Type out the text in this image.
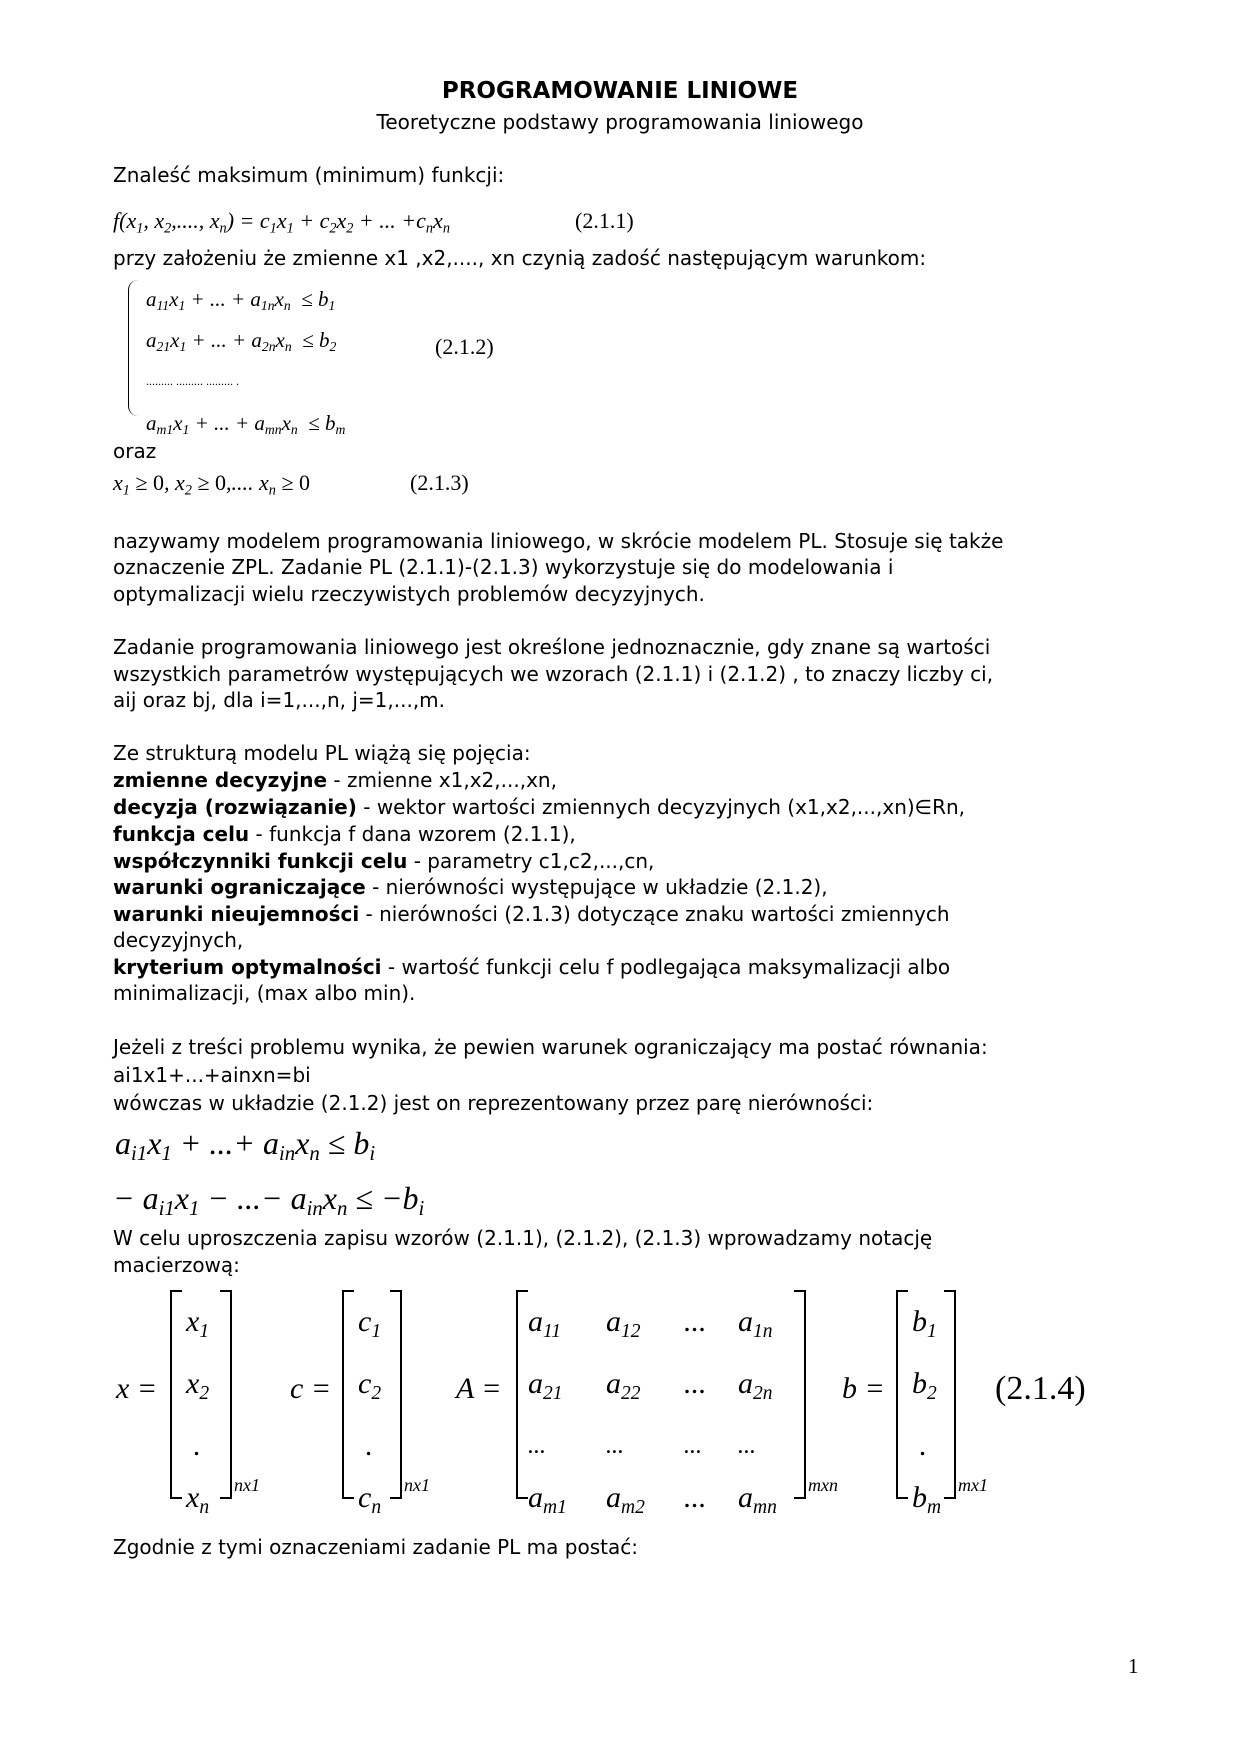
PROGRAMOWANIE LINIOWE
Teoretyczne podstawy programowania liniowego
Znaleść maksimum (minimum) funkcji:
$f(x_1$, $x_2$,...., $x_n) = c_1x_1 + c_2x_2$ + ... $+c_nx_n$	(2.1.1)
przy założeniu że zmienne x1 ,x2,...., xn czynią zadość następującym warunkom:
$a_{11}x_1$ + ... + $a_{1n}x_n \le b_1$
$a_{21}x_1$ + ... + $a_{2n}x_n \le b_2$
......... ......... ......... .
$a_{m1}x_1$ + ... + $a_{mn}x_n \le b_m$
(2.1.2)
oraz
$x_1 \ge 0$, $x_2 \ge 0$,.... $x_n \ge 0$	(2.1.3)
nazywamy modelem programowania liniowego, w skrócie modelem PL. Stosuje się także
oznaczenie ZPL. Zadanie PL (2.1.1)-(2.1.3) wykorzystuje się do modelowania i
optymalizacji wielu rzeczywistych problemów decyzyjnych.
Zadanie programowania liniowego jest określone jednoznacznie, gdy znane są wartości
wszystkich parametrów występujących we wzorach (2.1.1) i (2.1.2) , to znaczy liczby ci,
aij oraz bj, dla i=1,...,n, j=1,...,m.
Ze strukturą modelu PL wiążą się pojęcia:
zmienne decyzyjne - zmienne x1,x2,...,xn,
decyzja (rozwiązanie) - wektor wartości zmiennych decyzyjnych (x1,x2,...,xn)∈Rn,
funkcja celu - funkcja f dana wzorem (2.1.1),
współczynniki funkcji celu - parametry c1,c2,...,cn,
warunki ograniczające - nierówności występujące w układzie (2.1.2),
warunki nieujemności - nierówności (2.1.3) dotyczące znaku wartości zmiennych
decyzyjnych,
kryterium optymalności - wartość funkcji celu f podlegająca maksymalizacji albo
minimalizacji, (max albo min).
Jeżeli z treści problemu wynika, że pewien warunek ograniczający ma postać równania:
ai1x1+...+ainxn=bi
wówczas w układzie (2.1.2) jest on reprezentowany przez parę nierówności:
$a_{i1}x_1$ + ...+ $a_{in}x_n \le b_i$
− $a_{i1}x_1$ − ...− $a_{in}x_n \le -b_i$
W celu uproszczenia zapisu wzorów (2.1.1), (2.1.2), (2.1.3) wprowadzamy notację
macierzową:
x =
$x_1$
$x_2$
.
$x_n$
nx1
c =
$c_1$
$c_2$
.
$c_n$
nx1
A =
$a_{11}$ $a_{12}$ ... $a_{1n}$
$a_{21}$ $a_{22}$ ... $a_{2n}$
...	...	... ...
$a_{m1}$ $a_{m2}$ ... $a_{mn}$
mxn
b =
$b_1$
$b_2$
.
$b_m$
mx1
(2.1.4)
Zgodnie z tymi oznaczeniami zadanie PL ma postać:
1
